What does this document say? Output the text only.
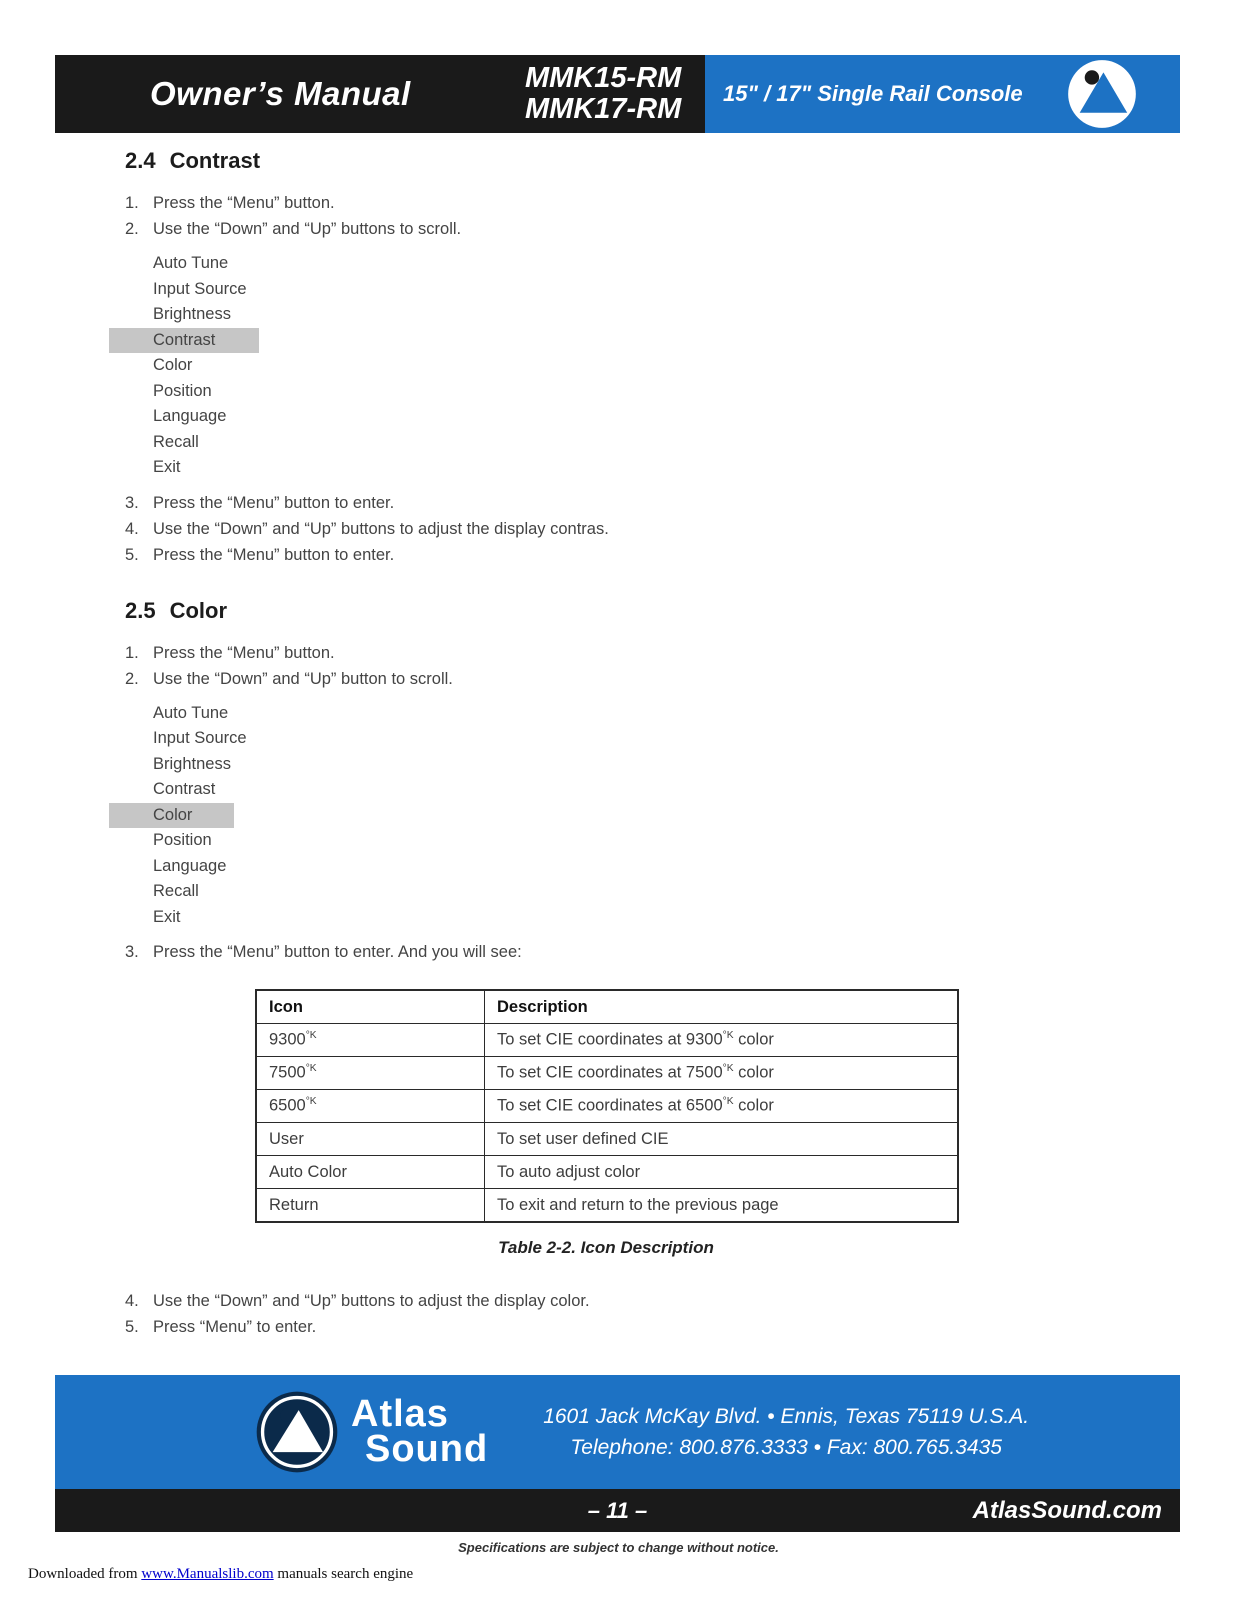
Owner’s Manual	MMK15-RM
MMK17-RM 15" / 17" Single Rail Console
2.4 Contrast
1. Press the “Menu” button.
2. Use the “Down” and “Up” buttons to scroll.
Auto Tune
Input Source
Brightness
Contrast
Color
Position
Language
Recall
Exit
3. Press the “Menu” button to enter.
4. Use the “Down” and “Up” buttons to adjust the display contras.
5. Press the “Menu” button to enter.
2.5 Color
1. Press the “Menu” button.
2. Use the “Down” and “Up” button to scroll.
Auto Tune
Input Source
Brightness
Contrast
Color
Position
Language
Recall
Exit
3. Press the “Menu” button to enter. And you will see:
Icon	Description
$9300^{^\circ K}$	To set CIE coordinates at $9300^{^\circ K}$ color
$7500^{^\circ K}$	To set CIE coordinates at $7500^{^\circ K}$ color
$6500^{^\circ K}$	To set CIE coordinates at $6500^{^\circ K}$ color
User	To set user defined CIE
Auto Color	To auto adjust color
Return	To exit and return to the previous page
Table 2-2. Icon Description
4. Use the “Down” and “Up” buttons to adjust the display color.
5. Press “Menu” to enter.
Atlas
Sound
1601 Jack McKay Blvd. • Ennis, Texas 75119 U.S.A.
Telephone: 800.876.3333 • Fax: 800.765.3435
– 11 –	AtlasSound.com
Specifications are subject to change without notice.
Downloaded from www.Manualslib.com manuals search engine
